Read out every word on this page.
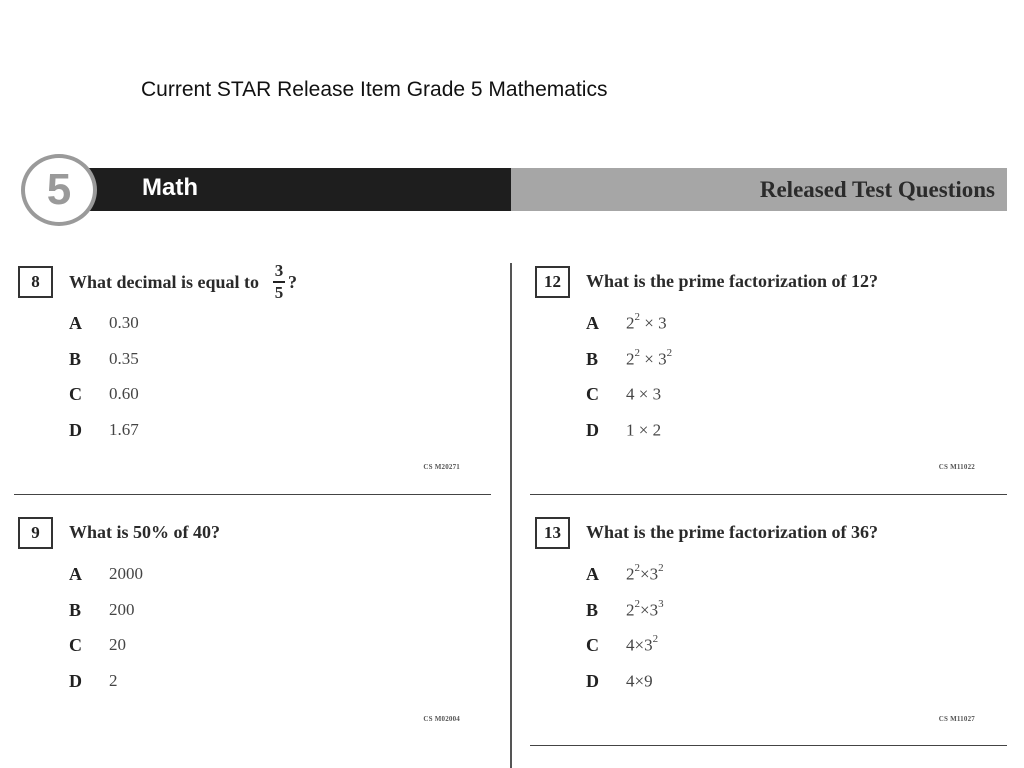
Current STAR Release Item Grade 5 Mathematics
5	Math	Released Test Questions
8	What decimal is equal to $\frac{3}{5}$ ?
A	0.30
B	0.35
C	0.60
D	1.67
CS M20271
9	What is 50% of 40?
A	2000
B	200
C	20
D	2
CS M02004
12	What is the prime factorization of 12?
A	$2^2 \times 3$
B	$2^2 \times 3^2$
C	4 × 3
D	1 × 2
CS M11022
13	What is the prime factorization of 36?
A	$2^2\times 3^2$
B	$2^2\times 3^3$
C	$4\times 3^2$
D	4×9
CS M11027
